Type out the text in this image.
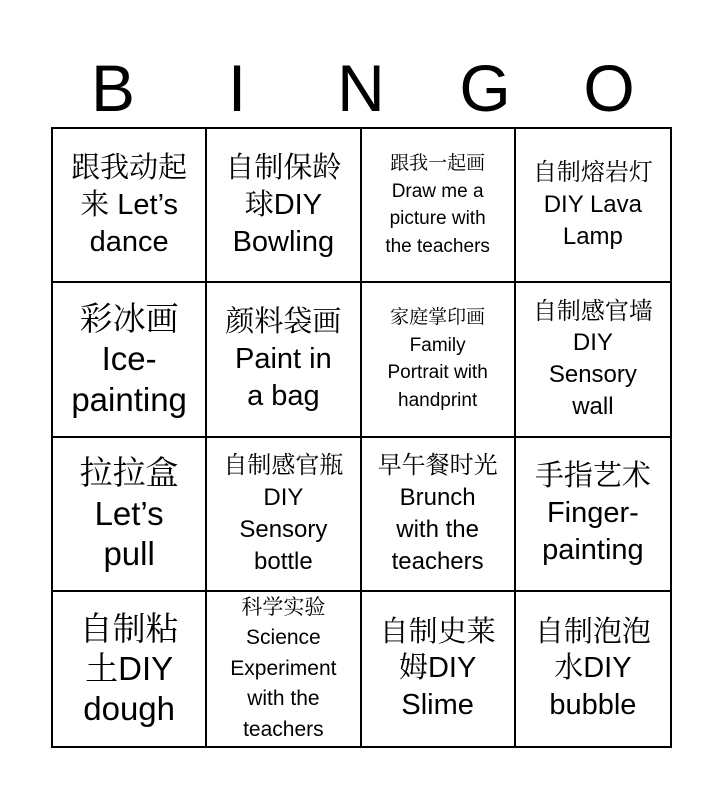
B	I	N	G	O
跟我动起
来 Let’s
dance
自制保龄
球DIY
Bowling
跟我一起画
Draw me a
picture with
the teachers
自制熔岩灯
DIY Lava
Lamp
彩冰画
Ice-
painting
颜料袋画
Paint in
a bag
家庭掌印画
Family
Portrait with
handprint
自制感官墙
DIY
Sensory
wall
拉拉盒
Let’s
pull
自制感官瓶
DIY
Sensory
bottle
早午餐时光
Brunch
with the
teachers
手指艺术
Finger-
painting
自制粘
土DIY
dough
科学实验
Science
Experiment
with the
teachers
自制史莱
姆DIY
Slime
自制泡泡
水DIY
bubble
